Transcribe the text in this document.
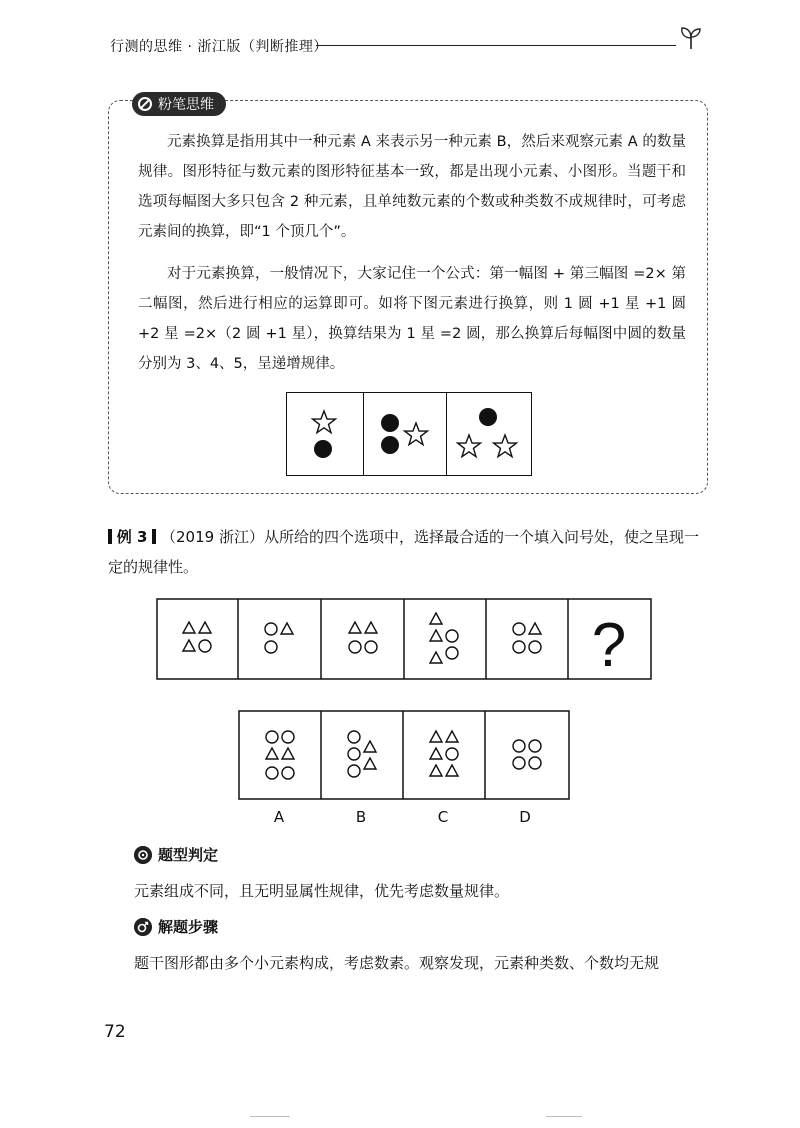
行测的思维 · 浙江版（判断推理）
粉笔思维

元素换算是指用其中一种元素 A 来表示另一种元素 B，然后来观察元素 A 的数量规律。图形特征与数元素的图形特征基本一致，都是出现小元素、小图形。当题干和选项每幅图大多只包含 2 种元素，且单纯数元素的个数或种类数不成规律时，可考虑元素间的换算，即“1 个顶几个”。

对于元素换算，一般情况下，大家记住一个公式：第一幅图 + 第三幅图 =2× 第二幅图，然后进行相应的运算即可。如将下图元素进行换算，则 1 圆 +1 星 +1 圆 +2 星 =2×（2 圆 +1 星），换算结果为 1 星 =2 圆，那么换算后每幅图中圆的数量分别为 3、4、5，呈递增规律。

例 3 （2019 浙江）从所给的四个选项中，选择最合适的一个填入问号处，使之呈现一定的规律性。

?
A	B	C	D
题型判定
元素组成不同，且无明显属性规律，优先考虑数量规律。
解题步骤
题干图形都由多个小元素构成，考虑数素。观察发现，元素种类数、个数均无规
72
